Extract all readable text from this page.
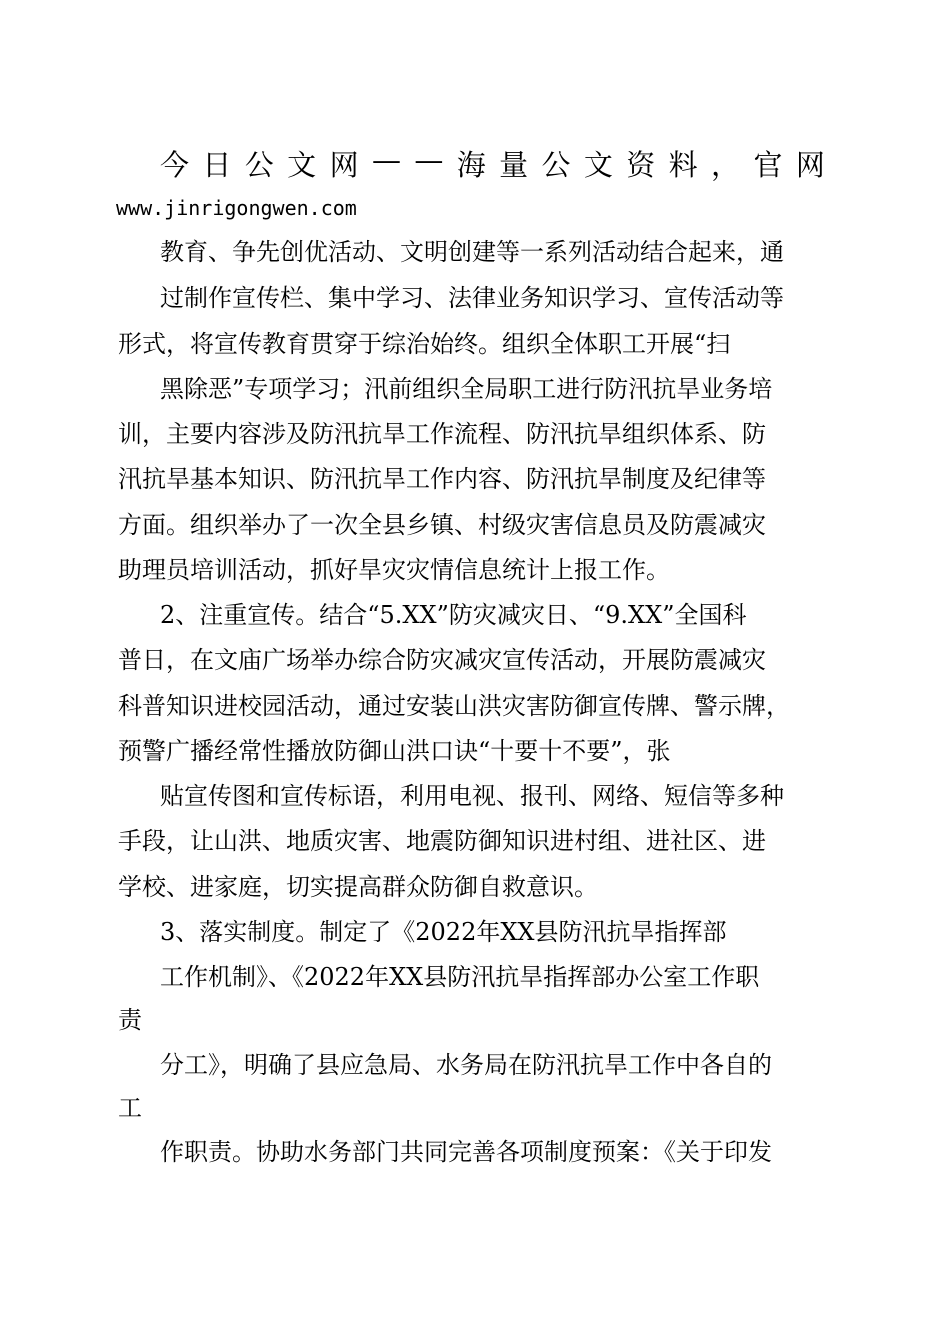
今 日 公 文 网 — — 海 量 公 文 资 料 ， 官 网
www.jinrigongwen.com
教育、争先创优活动、文明创建等一系列活动结合起来，通
过制作宣传栏、集中学习、法律业务知识学习、宣传活动等
形式，将宣传教育贯穿于综治始终。组织全体职工开展“扫
黑除恶”专项学习；汛前组织全局职工进行防汛抗旱业务培
训，主要内容涉及防汛抗旱工作流程、防汛抗旱组织体系、防
汛抗旱基本知识、防汛抗旱工作内容、防汛抗旱制度及纪律等
方面。组织举办了一次全县乡镇、村级灾害信息员及防震减灾
助理员培训活动，抓好旱灾灾情信息统计上报工作。
2、注重宣传。结合“5.XX”防灾减灾日、“9.XX”全国科
普日，在文庙广场举办综合防灾减灾宣传活动，开展防震减灾
科普知识进校园活动，通过安装山洪灾害防御宣传牌、警示牌，
预警广播经常性播放防御山洪口诀“十要十不要”，张
贴宣传图和宣传标语，利用电视、报刊、网络、短信等多种
手段，让山洪、地质灾害、地震防御知识进村组、进社区、进
学校、进家庭，切实提高群众防御自救意识。
3、落实制度。制定了《2022年XX县防汛抗旱指挥部
工作机制》、《2022年XX县防汛抗旱指挥部办公室工作职
责
分工》，明确了县应急局、水务局在防汛抗旱工作中各自的
工
作职责。协助水务部门共同完善各项制度预案：《关于印发
